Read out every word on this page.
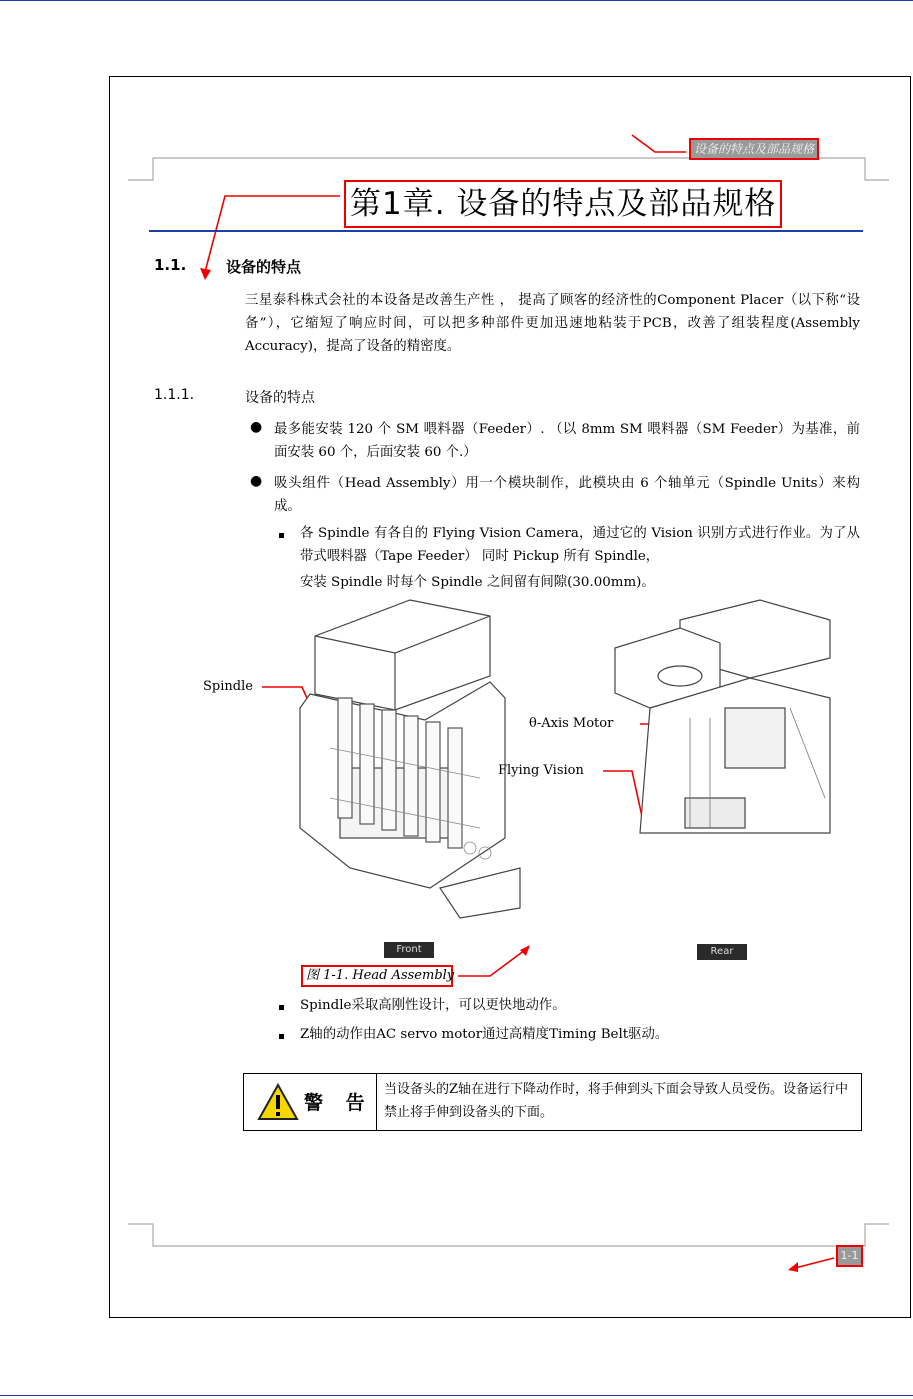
设备的特点及部品规格
第1章. 设备的特点及部品规格
1.1.	设备的特点
三星泰科株式会社的本设备是改善生产性 ， 提高了顾客的经济性的Component Placer（以下称“设备”），它缩短了响应时间，可以把多种部件更加迅速地粘装于PCB，改善了组装程度(Assembly Accuracy)，提高了设备的精密度。
1.1.1.	设备的特点
● 最多能安装 120 个 SM 喂料器（Feeder）. （以 8mm SM 喂料器（SM Feeder）为基准，前面安装 60 个，后面安装 60 个.）
● 吸头组件（Head Assembly）用一个模块制作，此模块由 6 个轴单元（Spindle Units）来构成。
各 Spindle 有各自的 Flying Vision Camera，通过它的 Vision 识别方式进行作业。为了从带式喂料器（Tape Feeder） 同时 Pickup 所有 Spindle，
安装 Spindle 时每个 Spindle 之间留有间隙(30.00mm)。
Spindle
θ-Axis Motor
Flying Vision
Front	Rear
图 1-1. Head Assembly
Spindle采取高刚性设计，可以更快地动作。
Z轴的动作由AC servo motor通过高精度Timing Belt驱动。
警 告
当设备头的Z轴在进行下降动作时，将手伸到头下面会导致人员受伤。设备运行中禁止将手伸到设备头的下面。
1-1
